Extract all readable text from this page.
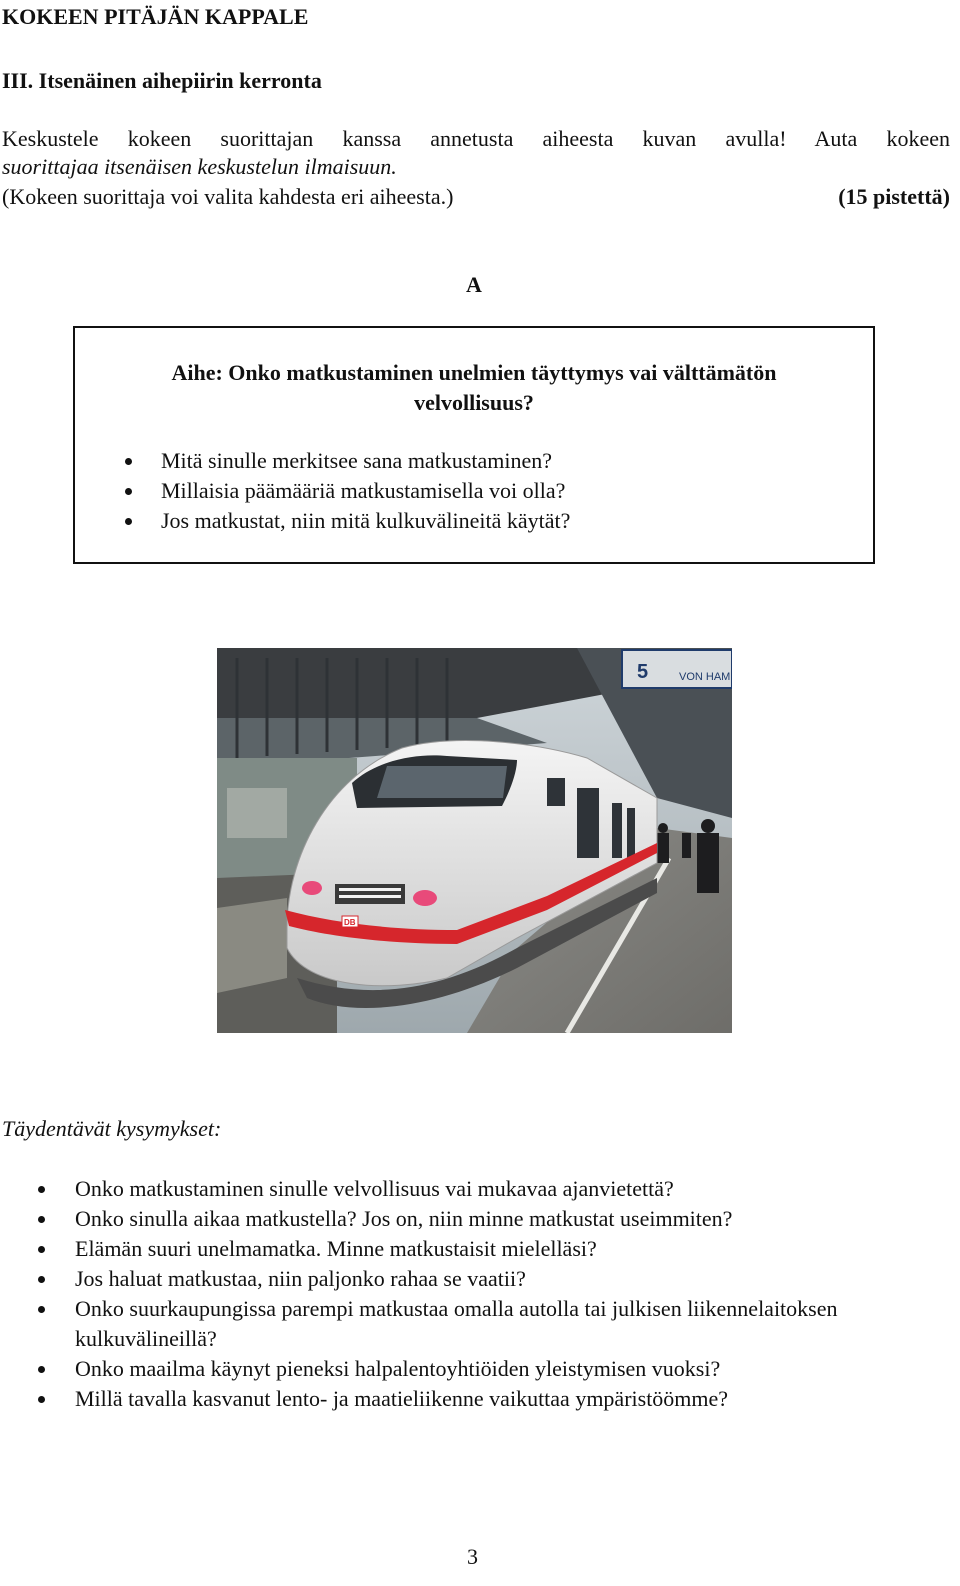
KOKEEN PITÄJÄN KAPPALE
III. Itsenäinen aihepiirin kerronta
Keskustele kokeen suorittajan kanssa annetusta aiheesta kuvan avulla! Auta kokeen
suorittajaa itsenäisen keskustelun ilmaisuun.
(Kokeen suorittaja voi valita kahdesta eri aiheesta.)	(15 pistettä)
A
Aihe: Onko matkustaminen unelmien täyttymys vai välttämätön velvollisuus?
Mitä sinulle merkitsee sana matkustaminen?
Millaisia päämääriä matkustamisella voi olla?
Jos matkustat, niin mitä kulkuvälineitä käytät?
5	VON HAM
DB
Täydentävät kysymykset:
Onko matkustaminen sinulle velvollisuus vai mukavaa ajanvietettä?
Onko sinulla aikaa matkustella? Jos on, niin minne matkustat useimmiten?
Elämän suuri unelmamatka. Minne matkustaisit mielelläsi?
Jos haluat matkustaa, niin paljonko rahaa se vaatii?
Onko suurkaupungissa parempi matkustaa omalla autolla tai julkisen liikennelaitoksen kulkuvälineillä?
Onko maailma käynyt pieneksi halpalentoyhtiöiden yleistymisen vuoksi?
Millä tavalla kasvanut lento- ja maatieliikenne vaikuttaa ympäristöömme?
3
